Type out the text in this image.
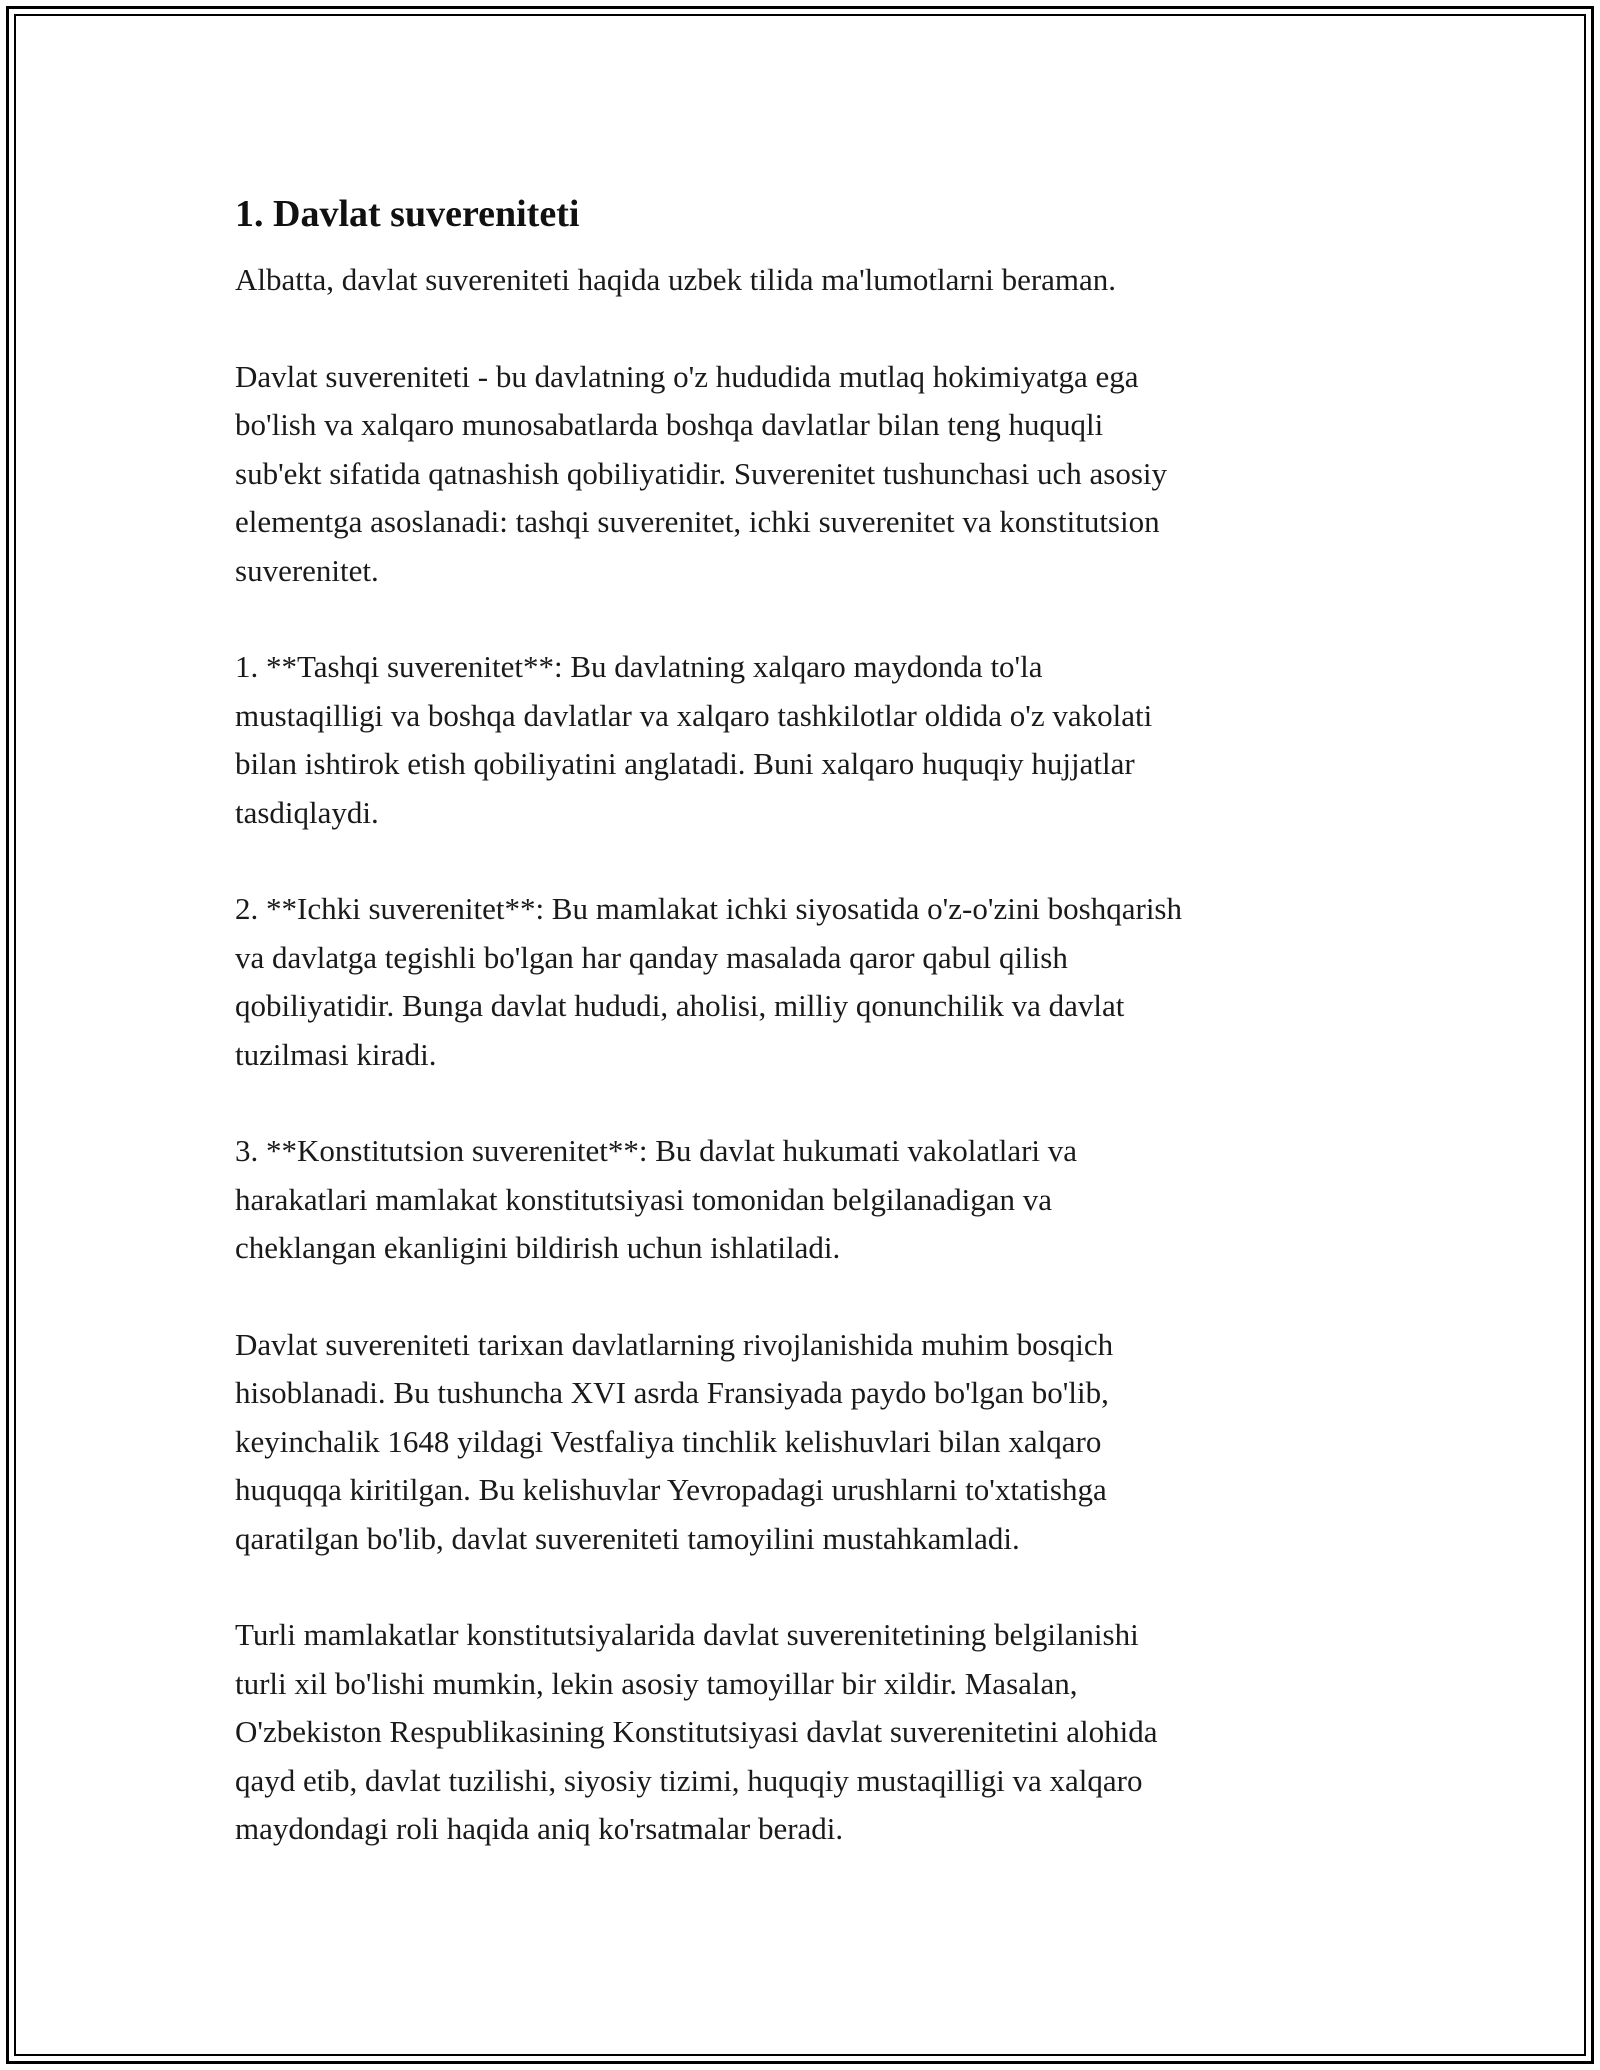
1. Davlat suvereniteti
Albatta, davlat suvereniteti haqida uzbek tilida ma'lumotlarni beraman.
Davlat suvereniteti - bu davlatning o'z hududida mutlaq hokimiyatga ega
bo'lish va xalqaro munosabatlarda boshqa davlatlar bilan teng huquqli
sub'ekt sifatida qatnashish qobiliyatidir. Suverenitet tushunchasi uch asosiy
elementga asoslanadi: tashqi suverenitet, ichki suverenitet va konstitutsion
suverenitet.
1. **Tashqi suverenitet**: Bu davlatning xalqaro maydonda to'la
mustaqilligi va boshqa davlatlar va xalqaro tashkilotlar oldida o'z vakolati
bilan ishtirok etish qobiliyatini anglatadi. Buni xalqaro huquqiy hujjatlar
tasdiqlaydi.
2. **Ichki suverenitet**: Bu mamlakat ichki siyosatida o'z-o'zini boshqarish
va davlatga tegishli bo'lgan har qanday masalada qaror qabul qilish
qobiliyatidir. Bunga davlat hududi, aholisi, milliy qonunchilik va davlat
tuzilmasi kiradi.
3. **Konstitutsion suverenitet**: Bu davlat hukumati vakolatlari va
harakatlari mamlakat konstitutsiyasi tomonidan belgilanadigan va
cheklangan ekanligini bildirish uchun ishlatiladi.
Davlat suvereniteti tarixan davlatlarning rivojlanishida muhim bosqich
hisoblanadi. Bu tushuncha XVI asrda Fransiyada paydo bo'lgan bo'lib,
keyinchalik 1648 yildagi Vestfaliya tinchlik kelishuvlari bilan xalqaro
huquqqa kiritilgan. Bu kelishuvlar Yevropadagi urushlarni to'xtatishga
qaratilgan bo'lib, davlat suvereniteti tamoyilini mustahkamladi.
Turli mamlakatlar konstitutsiyalarida davlat suverenitetining belgilanishi
turli xil bo'lishi mumkin, lekin asosiy tamoyillar bir xildir. Masalan,
O'zbekiston Respublikasining Konstitutsiyasi davlat suverenitetini alohida
qayd etib, davlat tuzilishi, siyosiy tizimi, huquqiy mustaqilligi va xalqaro
maydondagi roli haqida aniq ko'rsatmalar beradi.
